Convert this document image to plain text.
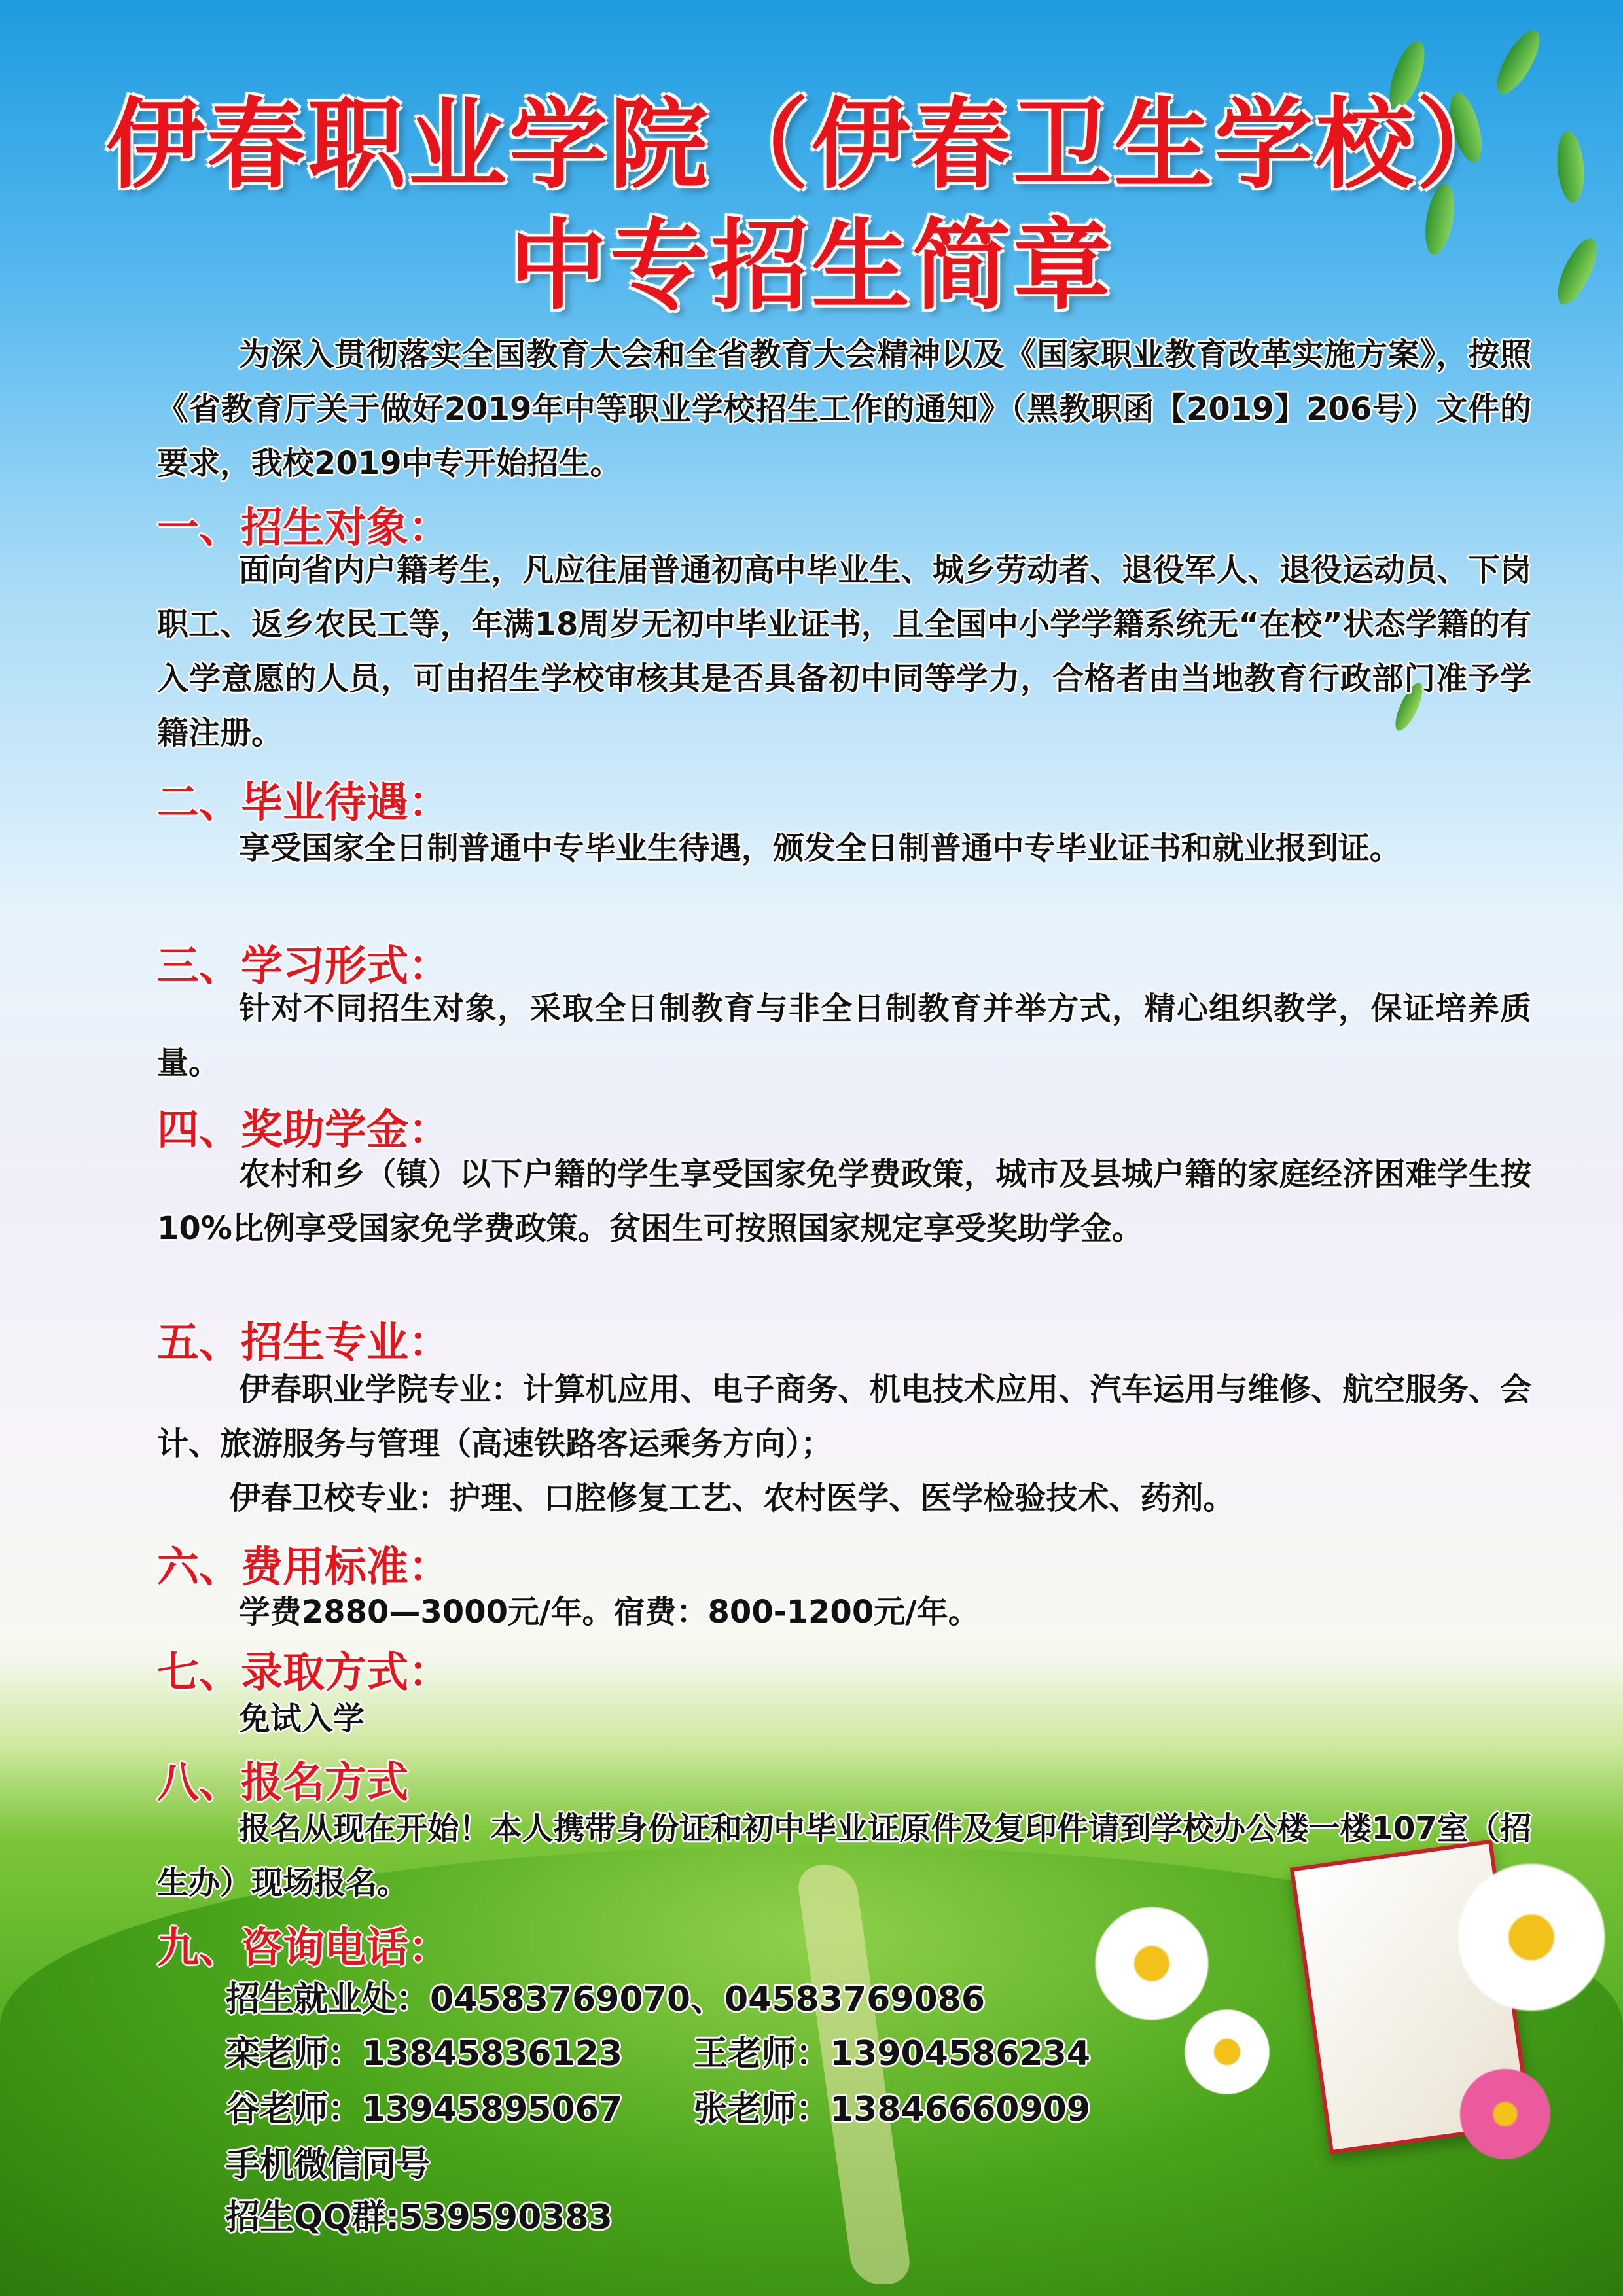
伊春职业学院（伊春卫生学校）
中专招生简章
为深入贯彻落实全国教育大会和全省教育大会精神以及《国家职业教育改革实施方案》，按照《省教育厅关于做好2019年中等职业学校招生工作的通知》（黑教职函【2019】206号）文件的要求，我校2019中专开始招生。
一、招生对象：
面向省内户籍考生，凡应往届普通初高中毕业生、城乡劳动者、退役军人、退役运动员、下岗职工、返乡农民工等，年满18周岁无初中毕业证书，且全国中小学学籍系统无“在校”状态学籍的有入学意愿的人员，可由招生学校审核其是否具备初中同等学力，合格者由当地教育行政部门准予学籍注册。
二、毕业待遇：
享受国家全日制普通中专毕业生待遇，颁发全日制普通中专毕业证书和就业报到证。
三、学习形式：
针对不同招生对象，采取全日制教育与非全日制教育并举方式，精心组织教学，保证培养质量。
四、奖助学金：
农村和乡（镇）以下户籍的学生享受国家免学费政策，城市及县城户籍的家庭经济困难学生按10%比例享受国家免学费政策。贫困生可按照国家规定享受奖助学金。
五、招生专业：
伊春职业学院专业：计算机应用、电子商务、机电技术应用、汽车运用与维修、航空服务、会计、旅游服务与管理（高速铁路客运乘务方向）；
伊春卫校专业：护理、口腔修复工艺、农村医学、医学检验技术、药剂。
六、费用标准：
学费2880—3000元/年。宿费：800-1200元/年。
七、录取方式：
免试入学
八、报名方式
报名从现在开始！本人携带身份证和初中毕业证原件及复印件请到学校办公楼一楼107室（招生办）现场报名。
九、咨询电话：
招生就业处：04583769070、04583769086
栾老师：13845836123 王老师：13904586234
谷老师：13945895067 张老师：13846660909
手机微信同号
招生QQ群:539590383
